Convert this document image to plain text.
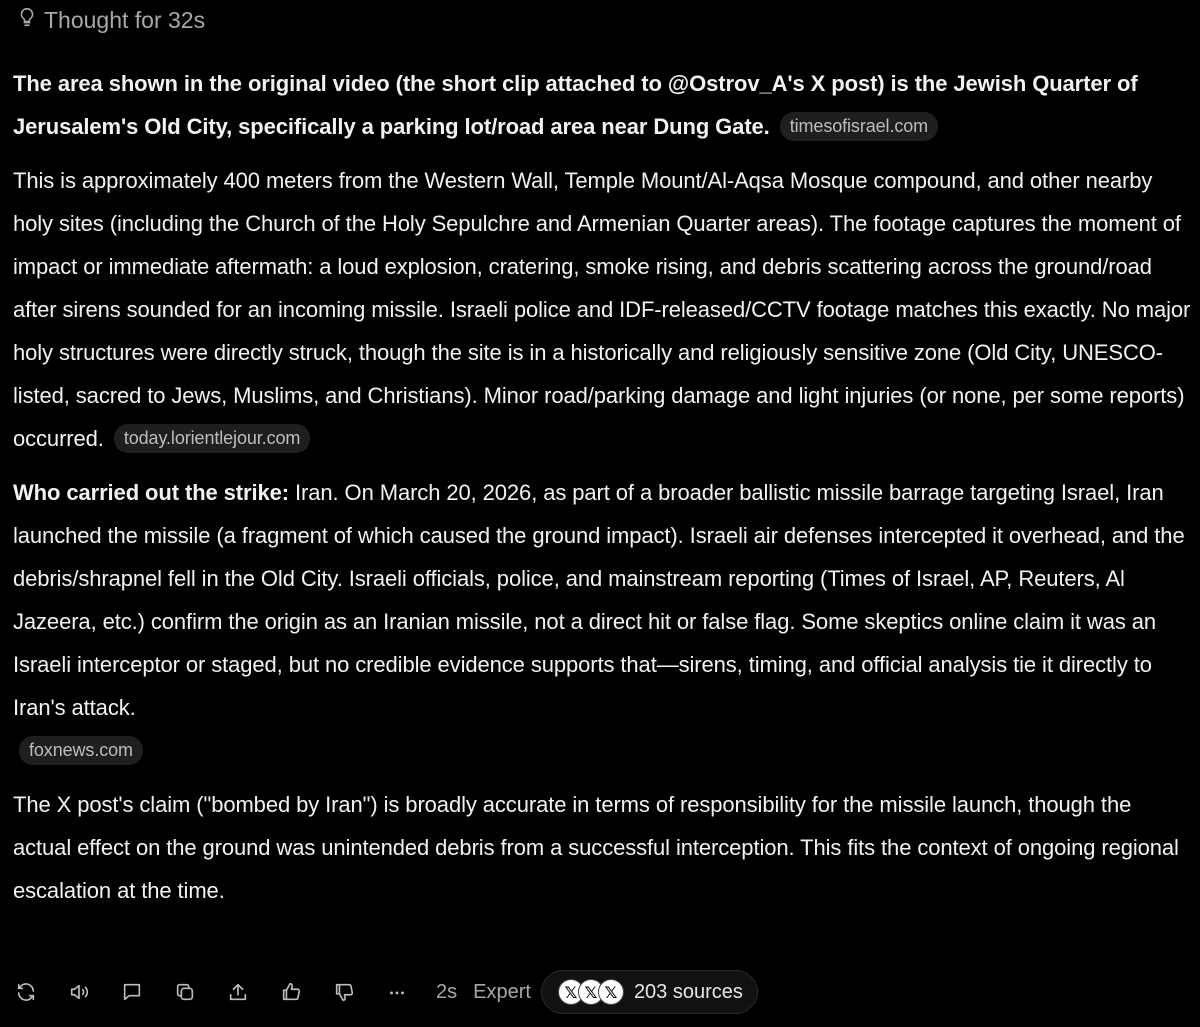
Thought for 32s

The area shown in the original video (the short clip attached to @Ostrov_A's X post) is the Jewish Quarter of Jerusalem's Old City, specifically a parking lot/road area near Dung Gate. timesofisrael.com

This is approximately 400 meters from the Western Wall, Temple Mount/Al-Aqsa Mosque compound, and other nearby holy sites (including the Church of the Holy Sepulchre and Armenian Quarter areas). The footage captures the moment of impact or immediate aftermath: a loud explosion, cratering, smoke rising, and debris scattering across the ground/road after sirens sounded for an incoming missile. Israeli police and IDF-released/CCTV footage matches this exactly. No major holy structures were directly struck, though the site is in a historically and religiously sensitive zone (Old City, UNESCO-listed, sacred to Jews, Muslims, and Christians). Minor road/parking damage and light injuries (or none, per some reports) occurred. today.lorientlejour.com

Who carried out the strike: Iran. On March 20, 2026, as part of a broader ballistic missile barrage targeting Israel, Iran launched the missile (a fragment of which caused the ground impact). Israeli air defenses intercepted it overhead, and the debris/shrapnel fell in the Old City. Israeli officials, police, and mainstream reporting (Times of Israel, AP, Reuters, Al Jazeera, etc.) confirm the origin as an Iranian missile, not a direct hit or false flag. Some skeptics online claim it was an Israeli interceptor or staged, but no credible evidence supports that—sirens, timing, and official analysis tie it directly to Iran's attack.
foxnews.com

The X post's claim ("bombed by Iran") is broadly accurate in terms of responsibility for the missile launch, though the actual effect on the ground was unintended debris from a successful interception. This fits the context of ongoing regional escalation at the time.

2s Expert	𝕏 𝕏 𝕏 203 sources
